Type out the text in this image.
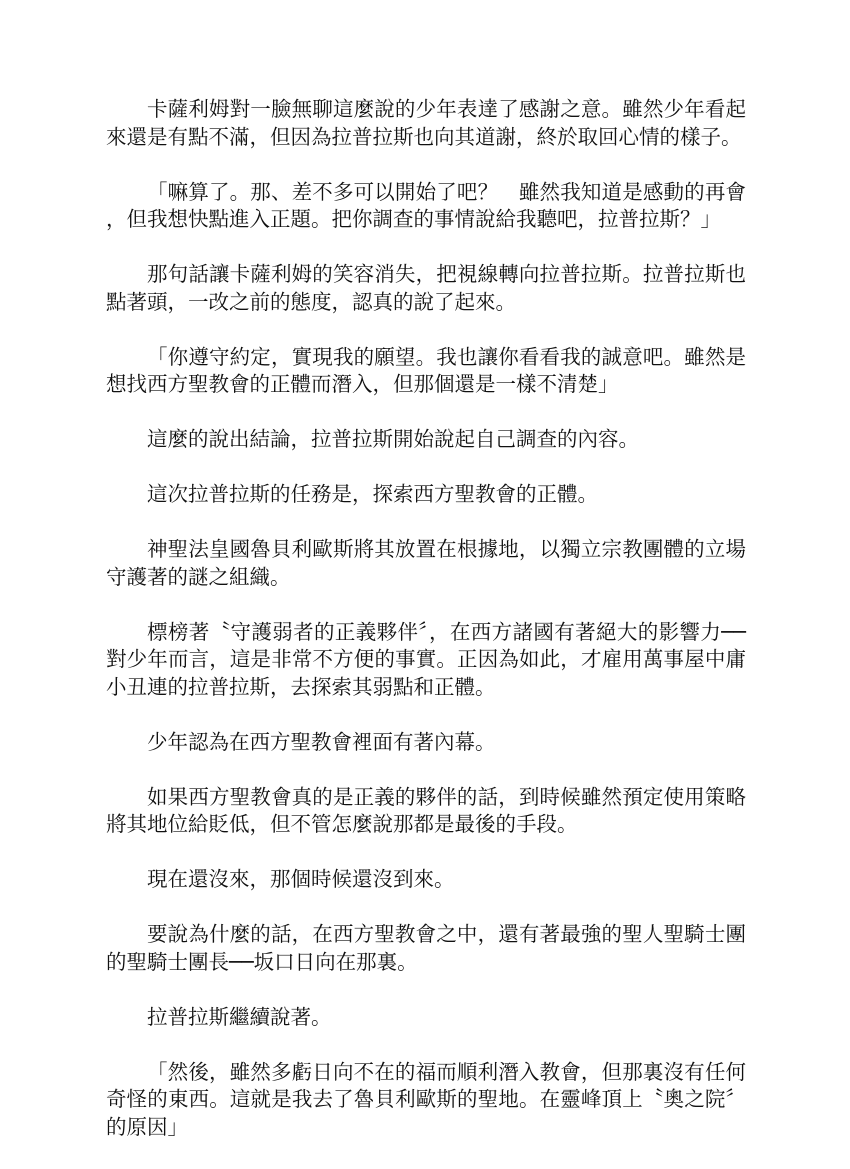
卡薩利姆對一臉無聊這麼說的少年表達了感謝之意。雖然少年看起來還是有點不滿，但因為拉普拉斯也向其道謝，終於取回心情的樣子。

「嘛算了。那、差不多可以開始了吧？　雖然我知道是感動的再會，但我想快點進入正題。把你調查的事情說給我聽吧，拉普拉斯？」

那句話讓卡薩利姆的笑容消失，把視線轉向拉普拉斯。拉普拉斯也點著頭，一改之前的態度，認真的說了起來。

「你遵守約定，實現我的願望。我也讓你看看我的誠意吧。雖然是想找西方聖教會的正體而潛入，但那個還是一樣不清楚」

這麼的說出結論，拉普拉斯開始說起自己調查的內容。

這次拉普拉斯的任務是，探索西方聖教會的正體。

神聖法皇國魯貝利歐斯將其放置在根據地，以獨立宗教團體的立場守護著的謎之組織。

標榜著〝守護弱者的正義夥伴〞，在西方諸國有著絕大的影響力──對少年而言，這是非常不方便的事實。正因為如此，才雇用萬事屋中庸小丑連的拉普拉斯，去探索其弱點和正體。

少年認為在西方聖教會裡面有著內幕。

如果西方聖教會真的是正義的夥伴的話，到時候雖然預定使用策略將其地位給貶低，但不管怎麼說那都是最後的手段。

現在還沒來，那個時候還沒到來。

要說為什麼的話，在西方聖教會之中，還有著最強的聖人聖騎士團的聖騎士團長──坂口日向在那裏。

拉普拉斯繼續說著。

「然後，雖然多虧日向不在的福而順利潛入教會，但那裏沒有任何奇怪的東西。這就是我去了魯貝利歐斯的聖地。在靈峰頂上〝奧之院〞的原因」
